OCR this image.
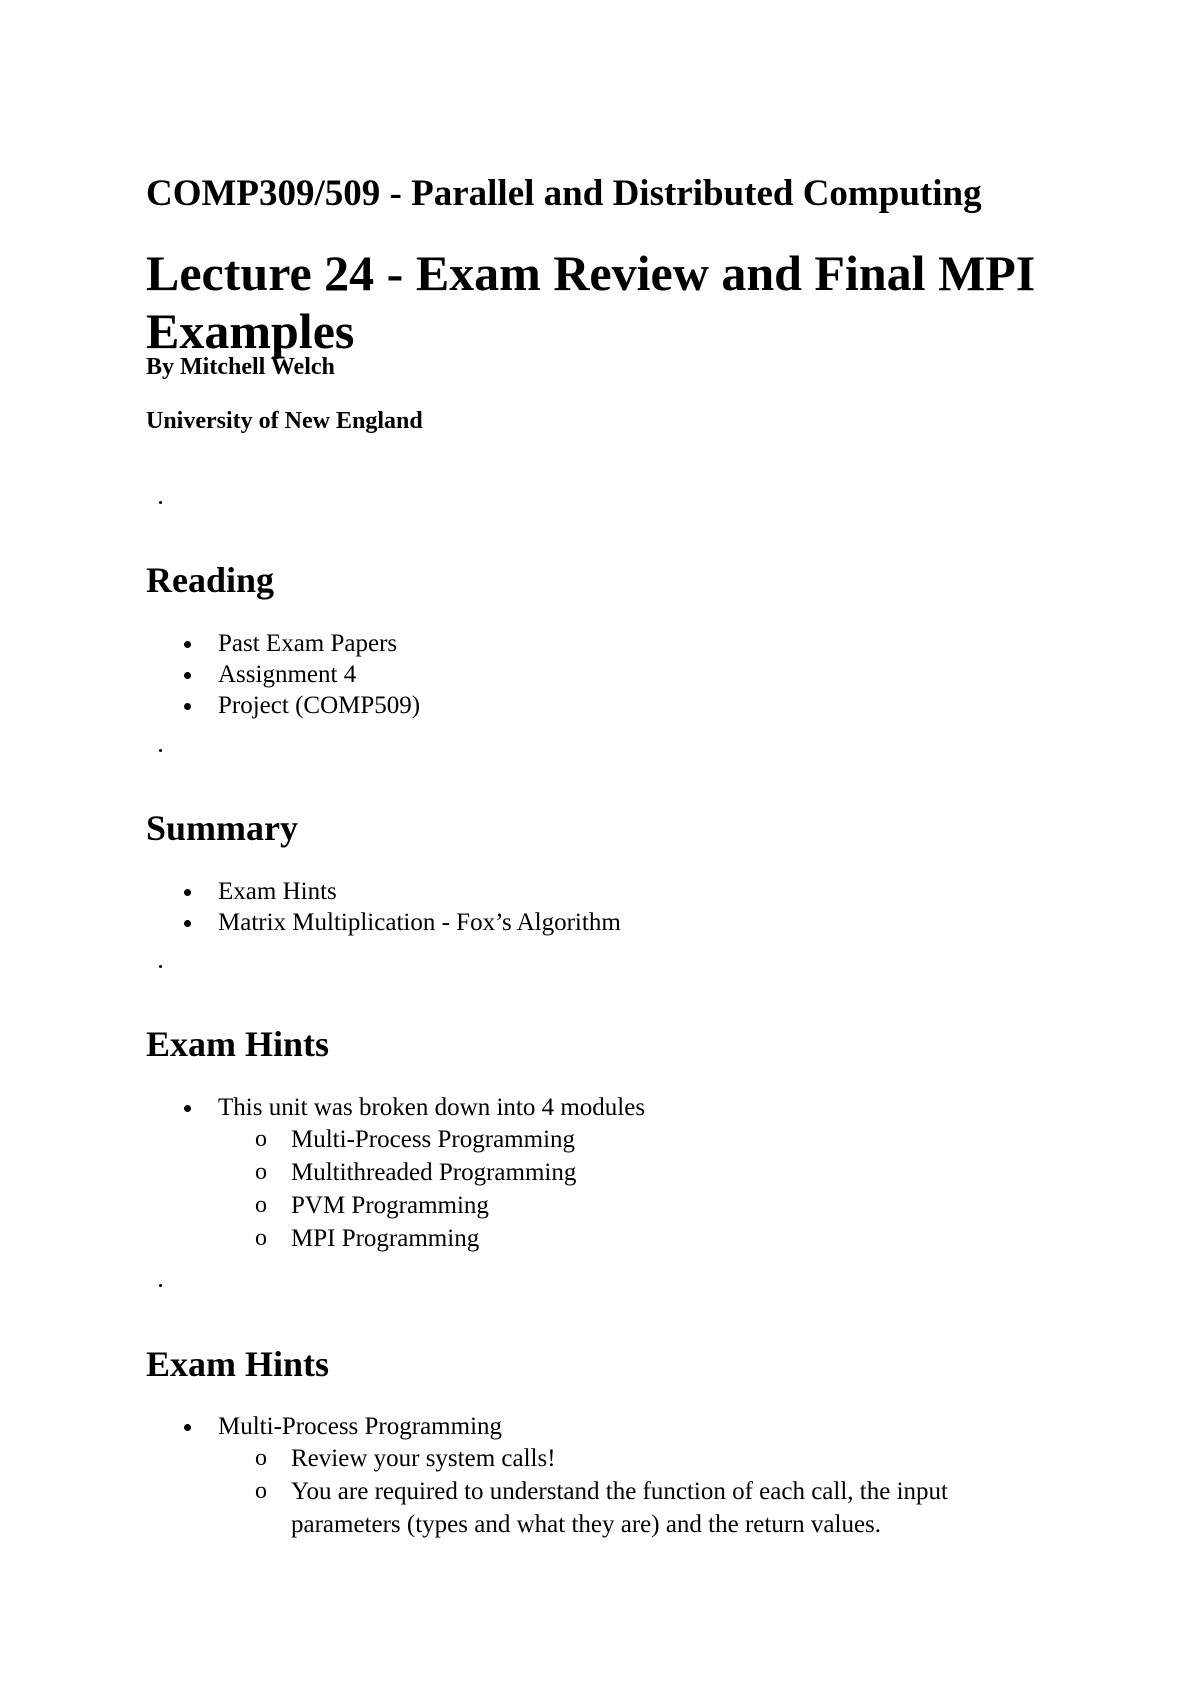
COMP309/509 - Parallel and Distributed Computing

Lecture 24 - Exam Review and Final MPI Examples

By Mitchell Welch

University of New England

Reading
Past Exam Papers
Assignment 4
Project (COMP509)
Summary
Exam Hints
Matrix Multiplication - Fox’s Algorithm
Exam Hints
This unit was broken down into 4 modules
o Multi-Process Programming
o Multithreaded Programming
o PVM Programming
o MPI Programming
Exam Hints
Multi-Process Programming
o Review your system calls!
o You are required to understand the function of each call, the input parameters (types and what they are) and the return values.
